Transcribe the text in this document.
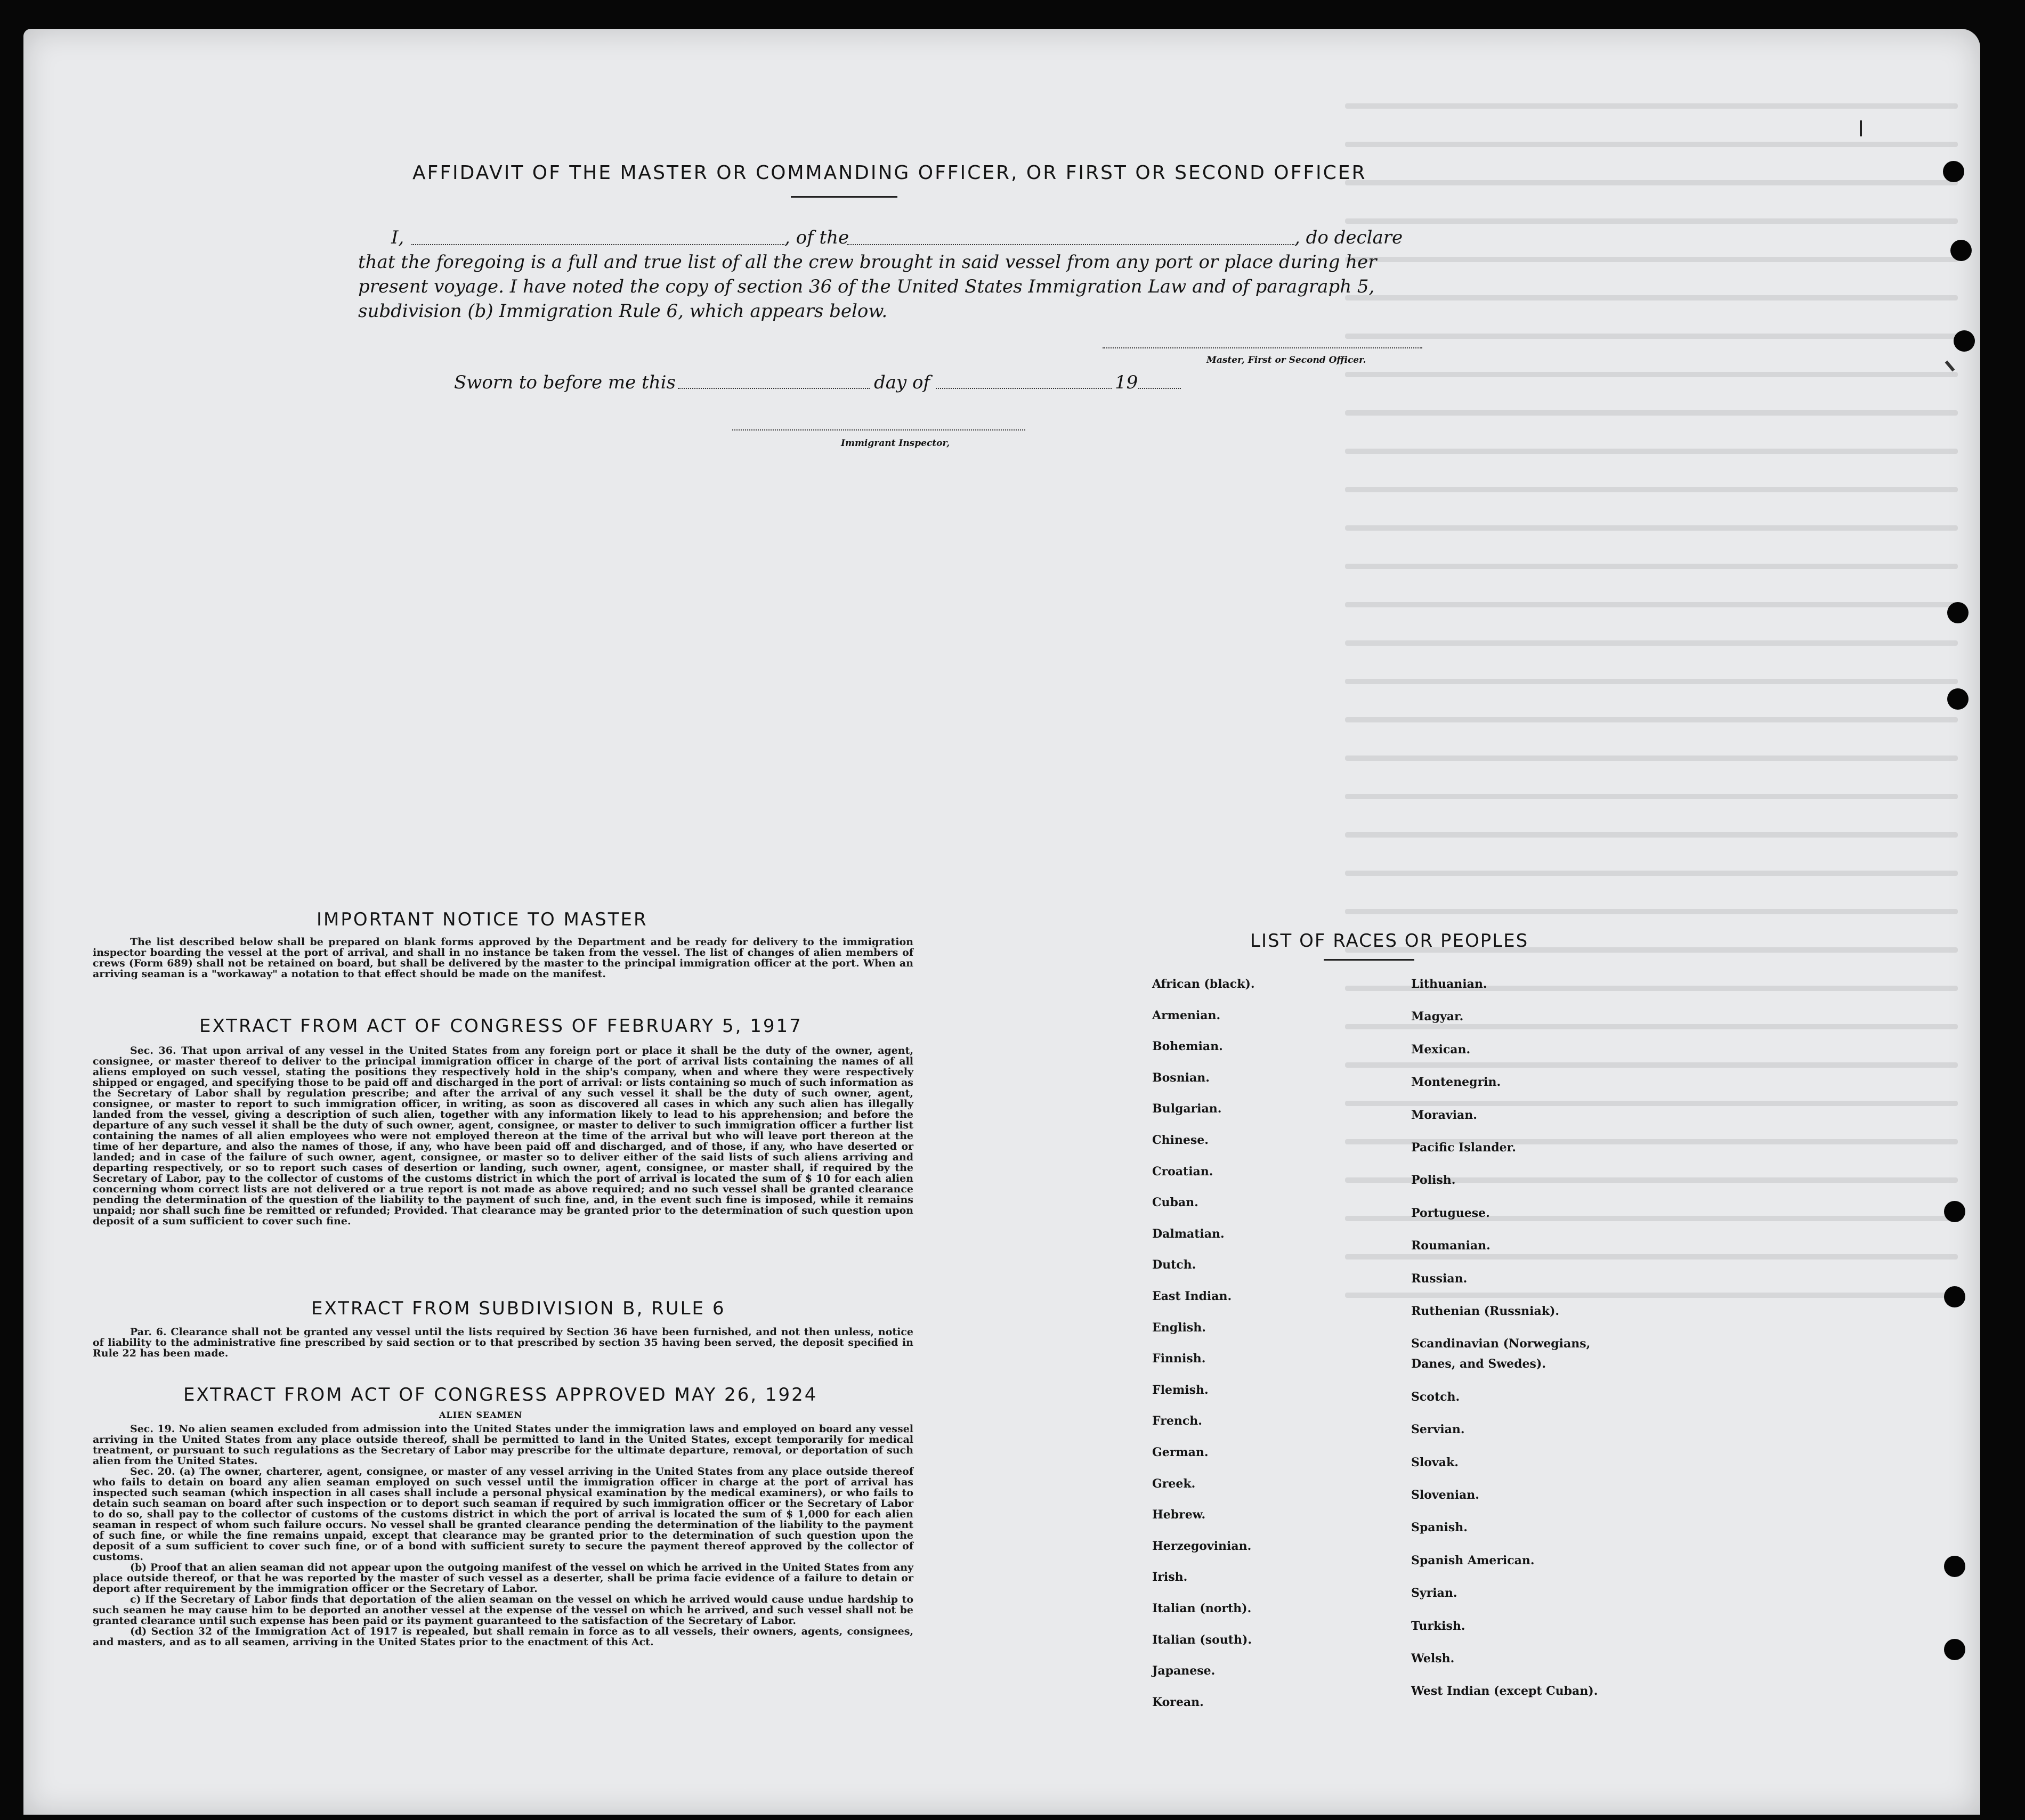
AFFIDAVIT OF THE MASTER OR COMMANDING OFFICER, OR FIRST OR SECOND OFFICER
I,	, of the	, do declare
that the foregoing is a full and true list of all the crew brought in said vessel from any port or place during her
present voyage. I have noted the copy of section 36 of the United States Immigration Law and of paragraph 5,
subdivision (b) Immigration Rule 6, which appears below.
Master, First or Second Officer.
Sworn to before me this	day of	19
Immigrant Inspector,
IMPORTANT NOTICE TO MASTER

The list described below shall be prepared on blank forms approved by the Department and be ready for delivery to the immigration inspector boarding the vessel at the port of arrival, and shall in no instance be taken from the vessel. The list of changes of alien members of crews (Form 689) shall not be retained on board, but shall be delivered by the master to the principal immigration officer at the port. When an arriving seaman is a "workaway" a notation to that effect should be made on the manifest.

EXTRACT FROM ACT OF CONGRESS OF FEBRUARY 5, 1917

Sec. 36. That upon arrival of any vessel in the United States from any foreign port or place it shall be the duty of the owner, agent, consignee, or master thereof to deliver to the principal immigration officer in charge of the port of arrival lists containing the names of all aliens employed on such vessel, stating the positions they respectively hold in the ship's company, when and where they were respectively shipped or engaged, and specifying those to be paid off and discharged in the port of arrival: or lists containing so much of such information as the Secretary of Labor shall by regulation prescribe; and after the arrival of any such vessel it shall be the duty of such owner, agent, consignee, or master to report to such immigration officer, in writing, as soon as discovered all cases in which any such alien has illegally landed from the vessel, giving a description of such alien, together with any information likely to lead to his apprehension; and before the departure of any such vessel it shall be the duty of such owner, agent, consignee, or master to deliver to such immigration officer a further list containing the names of all alien employees who were not employed thereon at the time of the arrival but who will leave port thereon at the time of her departure, and also the names of those, if any, who have been paid off and discharged, and of those, if any, who have deserted or landed; and in case of the failure of such owner, agent, consignee, or master so to deliver either of the said lists of such aliens arriving and departing respectively, or so to report such cases of desertion or landing, such owner, agent, consignee, or master shall, if required by the Secretary of Labor, pay to the collector of customs of the customs district in which the port of arrival is located the sum of $ 10 for each alien concerning whom correct lists are not delivered or a true report is not made as above required; and no such vessel shall be granted clearance pending the determination of the question of the liability to the payment of such fine, and, in the event such fine is imposed, while it remains unpaid; nor shall such fine be remitted or refunded; Provided. That clearance may be granted prior to the determination of such question upon deposit of a sum sufficient to cover such fine.

EXTRACT FROM SUBDIVISION B, RULE 6

Par. 6. Clearance shall not be granted any vessel until the lists required by Section 36 have been furnished, and not then unless, notice of liability to the administrative fine prescribed by said section or to that prescribed by section 35 having been served, the deposit specified in Rule 22 has been made.

EXTRACT FROM ACT OF CONGRESS APPROVED MAY 26, 1924
ALIEN SEAMEN

Sec. 19. No alien seamen excluded from admission into the United States under the immigration laws and employed on board any vessel arriving in the United States from any place outside thereof, shall be permitted to land in the United States, except temporarily for medical treatment, or pursuant to such regulations as the Secretary of Labor may prescribe for the ultimate departure, removal, or deportation of such alien from the United States.

Sec. 20. (a) The owner, charterer, agent, consignee, or master of any vessel arriving in the United States from any place outside thereof who fails to detain on board any alien seaman employed on such vessel until the immigration officer in charge at the port of arrival has inspected such seaman (which inspection in all cases shall include a personal physical examination by the medical examiners), or who fails to detain such seaman on board after such inspection or to deport such seaman if required by such immigration officer or the Secretary of Labor to do so, shall pay to the collector of customs of the customs district in which the port of arrival is located the sum of $ 1,000 for each alien seaman in respect of whom such failure occurs. No vessel shall be granted clearance pending the determination of the liability to the payment of such fine, or while the fine remains unpaid, except that clearance may be granted prior to the determination of such question upon the deposit of a sum sufficient to cover such fine, or of a bond with sufficient surety to secure the payment thereof approved by the collector of customs.

(b) Proof that an alien seaman did not appear upon the outgoing manifest of the vessel on which he arrived in the United States from any place outside thereof, or that he was reported by the master of such vessel as a deserter, shall be prima facie evidence of a failure to detain or deport after requirement by the immigration officer or the Secretary of Labor.

c) If the Secretary of Labor finds that deportation of the alien seaman on the vessel on which he arrived would cause undue hardship to such seamen he may cause him to be deported an another vessel at the expense of the vessel on which he arrived, and such vessel shall not be granted clearance until such expense has been paid or its payment guaranteed to the satisfaction of the Secretary of Labor.

(d) Section 32 of the Immigration Act of 1917 is repealed, but shall remain in force as to all vessels, their owners, agents, consignees, and masters, and as to all seamen, arriving in the United States prior to the enactment of this Act.

LIST OF RACES OR PEOPLES
African (black).
Armenian.
Bohemian.
Bosnian.
Bulgarian.
Chinese.
Croatian.
Cuban.
Dalmatian.
Dutch.
East Indian.
English.
Finnish.
Flemish.
French.
German.
Greek.
Hebrew.
Herzegovinian.
Irish.
Italian (north).
Italian (south).
Japanese.
Korean.
Lithuanian.
Magyar.
Mexican.
Montenegrin.
Moravian.
Pacific Islander.
Polish.
Portuguese.
Roumanian.
Russian.
Ruthenian (Russniak).
Scandinavian (Norwegians,
Danes, and Swedes).
Scotch.
Servian.
Slovak.
Slovenian.
Spanish.
Spanish American.
Syrian.
Turkish.
Welsh.
West Indian (except Cuban).
